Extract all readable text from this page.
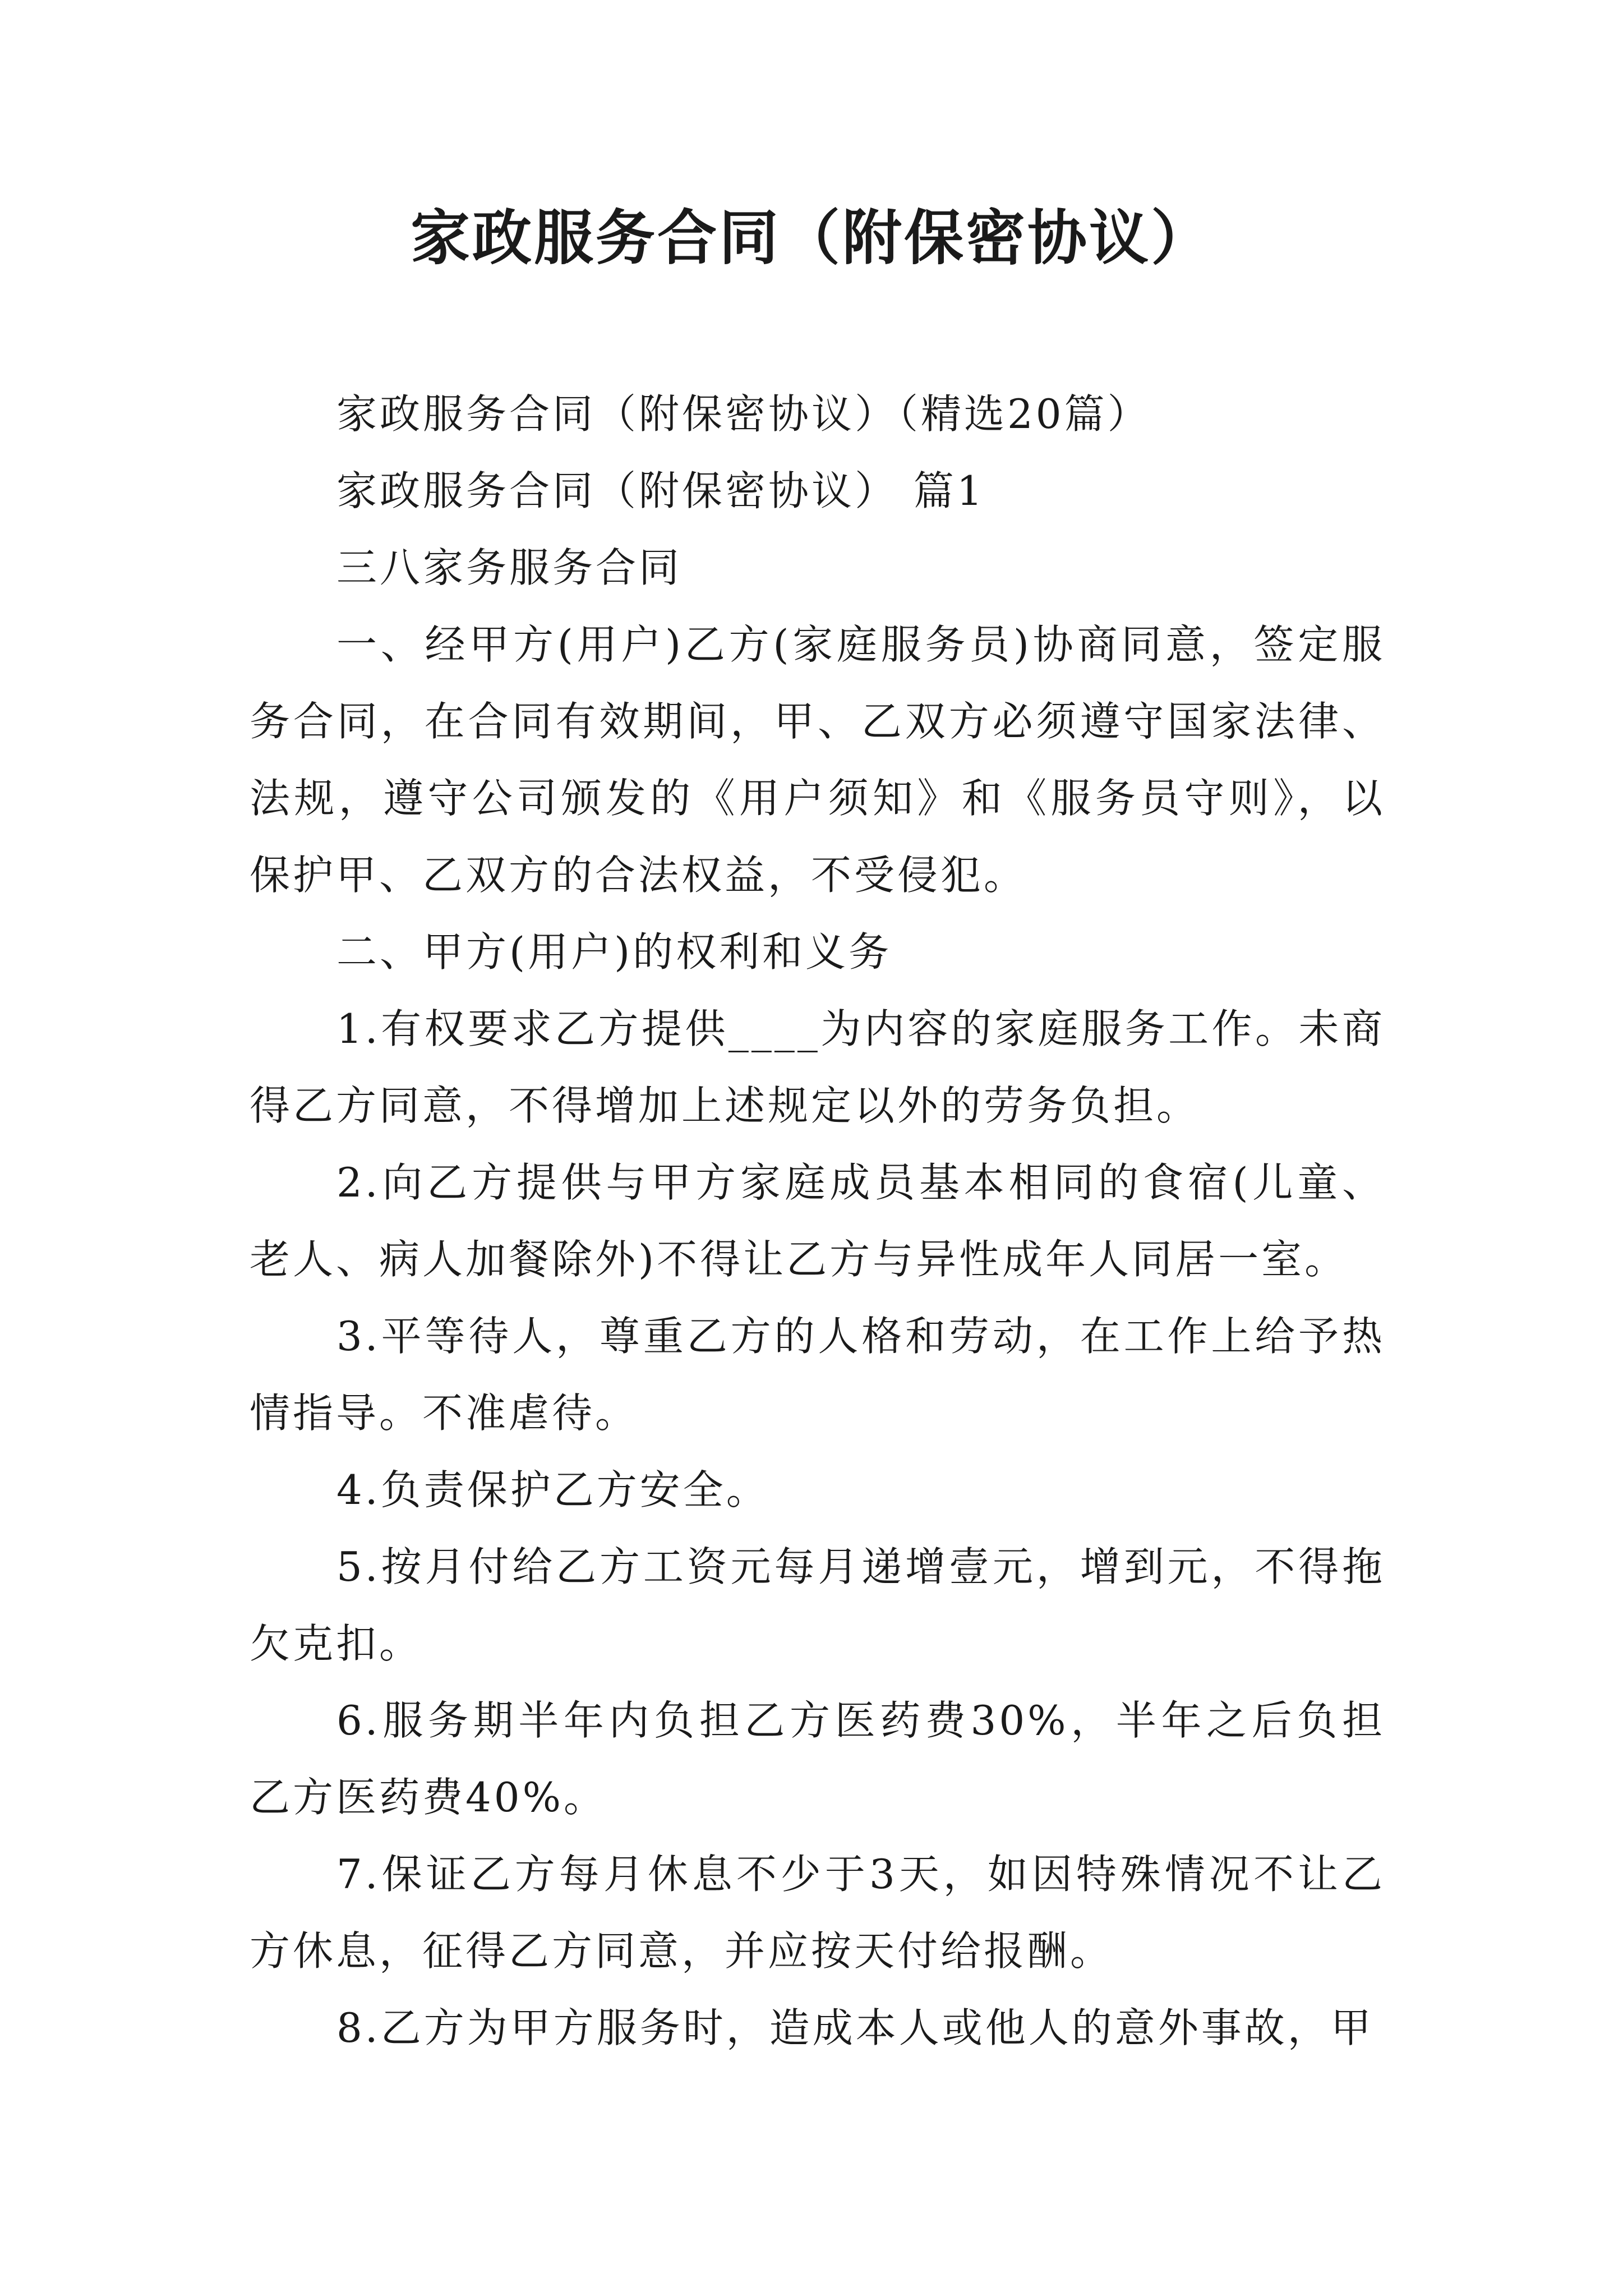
家政服务合同（附保密协议）

家政服务合同（附保密协议）（精选20篇）

家政服务合同（附保密协议） 篇1

三八家务服务合同

一、经甲方(用户)乙方(家庭服务员)协商同意，签定服务合同，在合同有效期间，甲、乙双方必须遵守国家法律、法规，遵守公司颁发的《用户须知》和《服务员守则》，以保护甲、乙双方的合法权益，不受侵犯。

二、甲方(用户)的权利和义务

1.有权要求乙方提供____为内容的家庭服务工作。未商得乙方同意，不得增加上述规定以外的劳务负担。

2.向乙方提供与甲方家庭成员基本相同的食宿(儿童、老人、病人加餐除外)不得让乙方与异性成年人同居一室。

3.平等待人，尊重乙方的人格和劳动，在工作上给予热情指导。不准虐待。

4.负责保护乙方安全。

5.按月付给乙方工资元每月递增壹元，增到元，不得拖欠克扣。

6.服务期半年内负担乙方医药费30%，半年之后负担乙方医药费40%。

7.保证乙方每月休息不少于3天，如因特殊情况不让乙方休息，征得乙方同意，并应按天付给报酬。

8.乙方为甲方服务时，造成本人或他人的意外事故，甲
